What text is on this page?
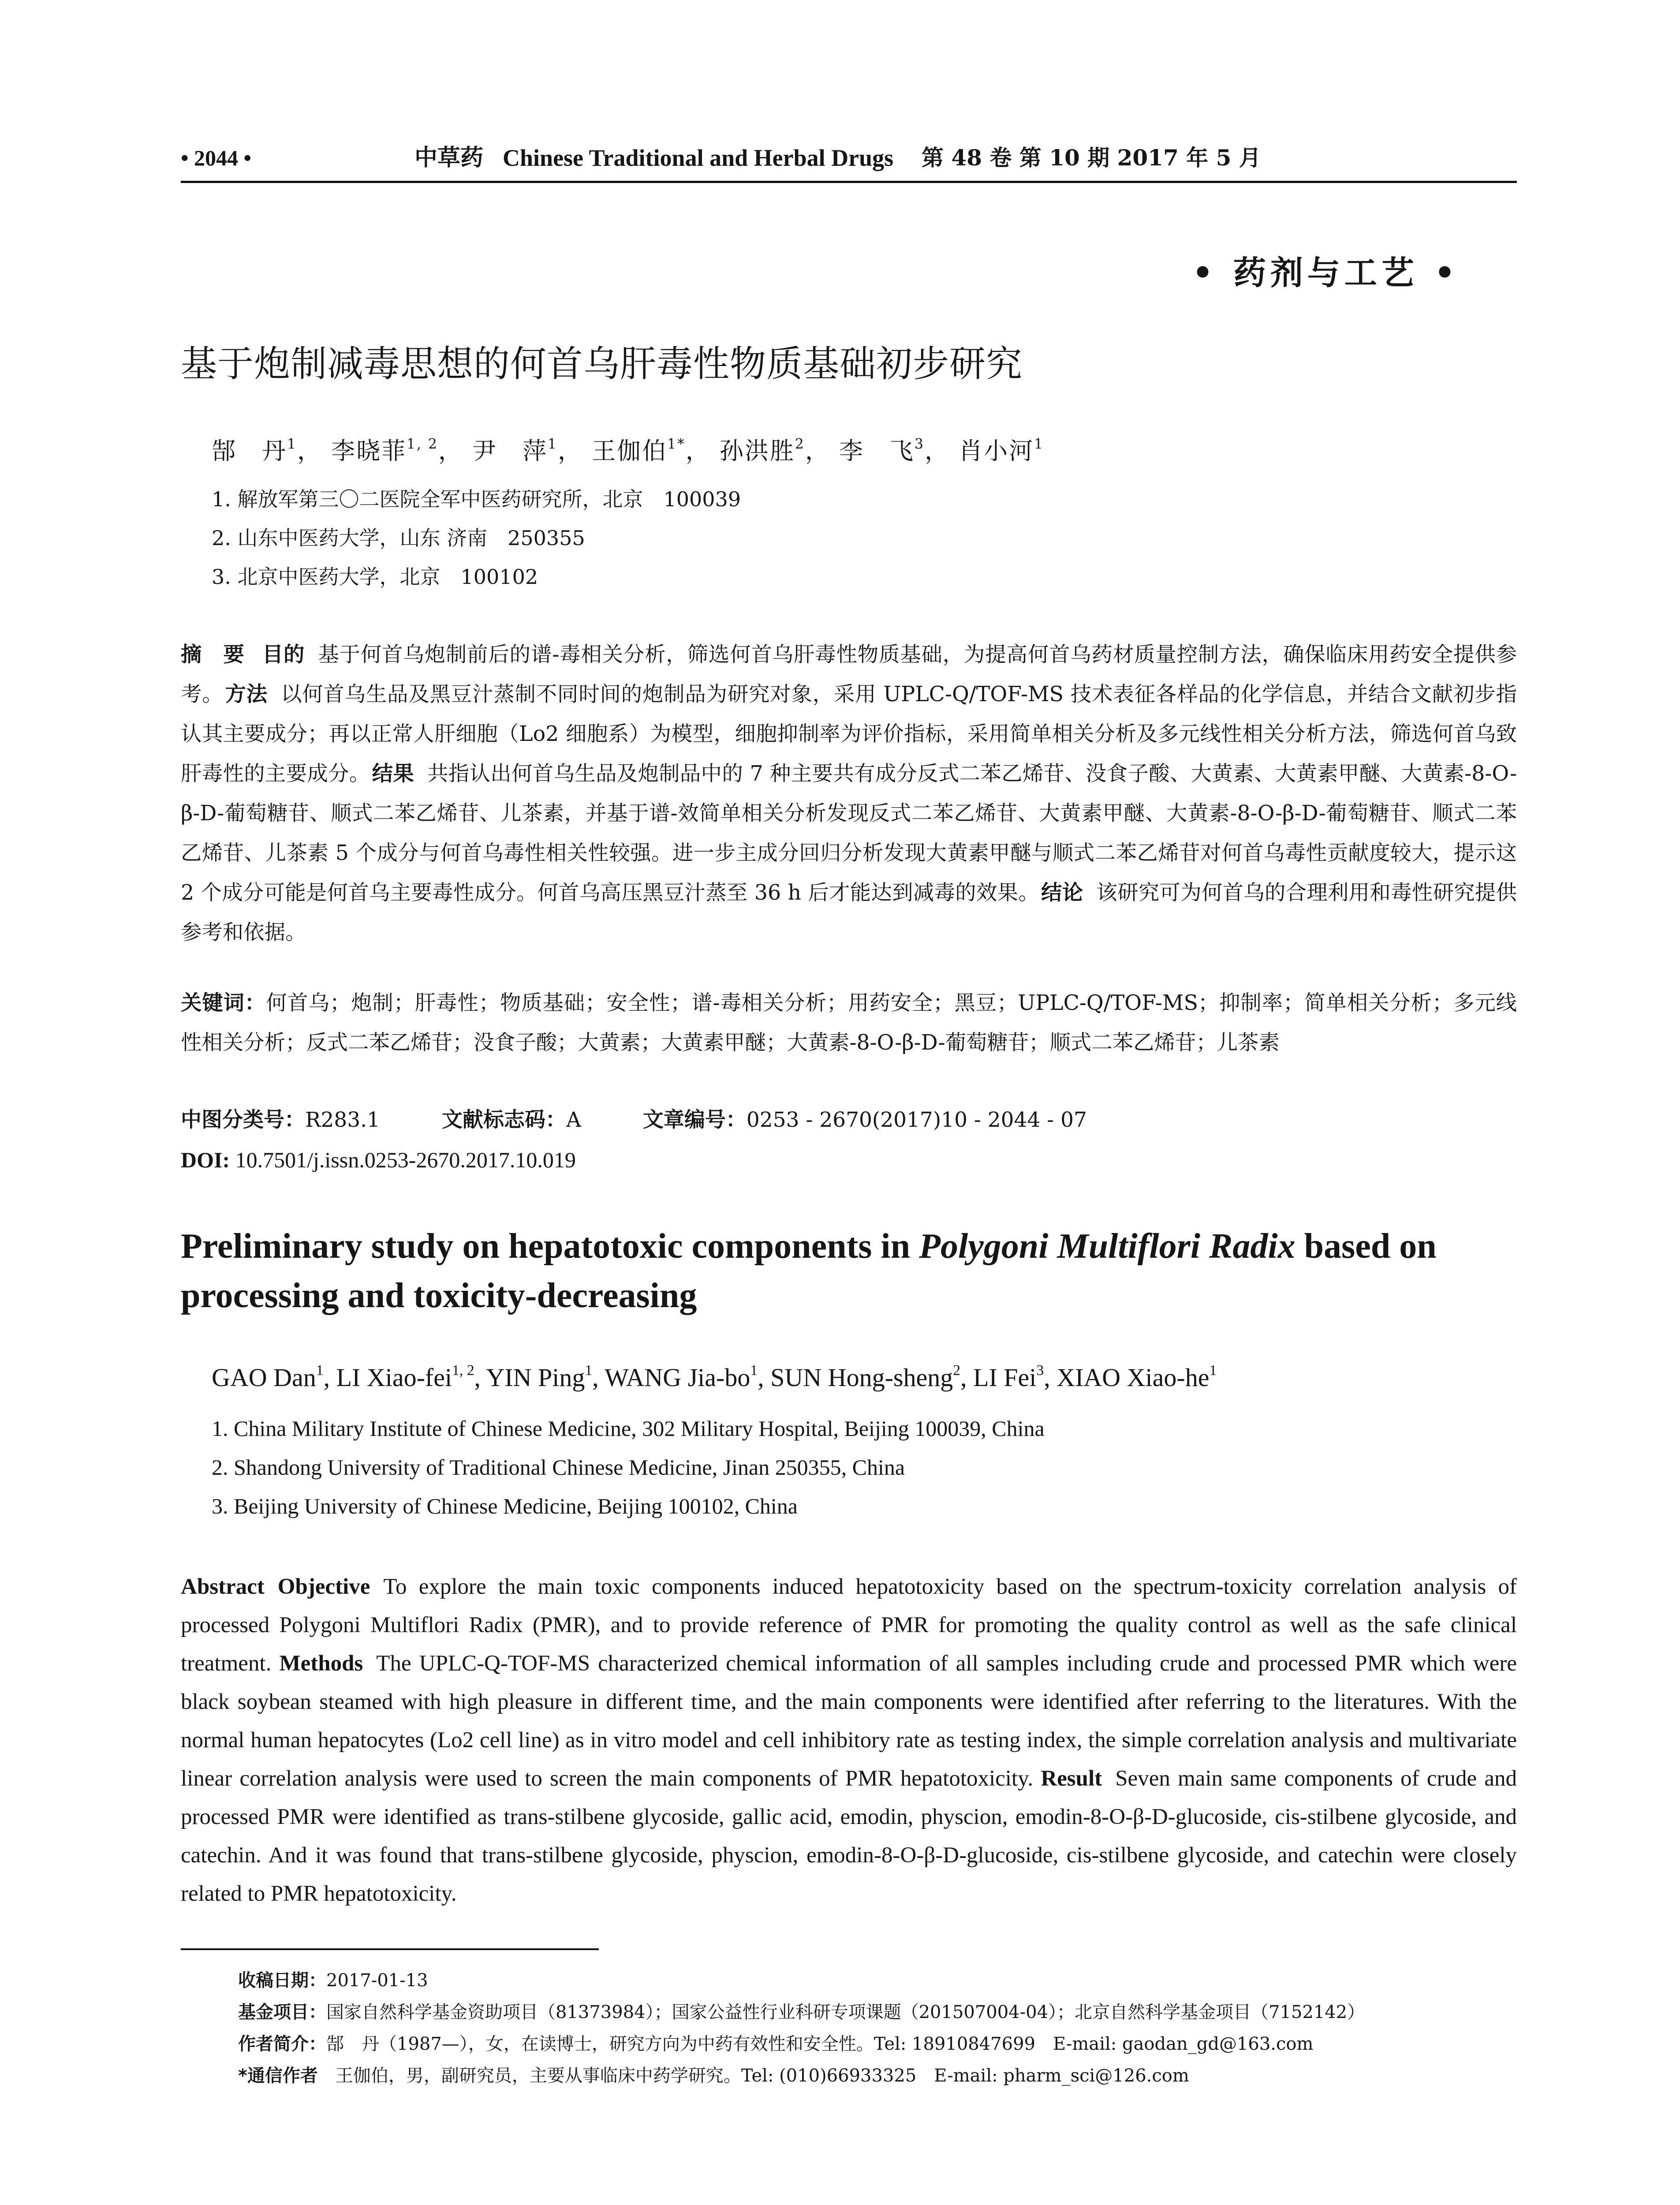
• 2044 •	中草药 Chinese Traditional and Herbal Drugs 第 48 卷 第 10 期 2017 年 5 月
• 药剂与工艺 •
基于炮制减毒思想的何首乌肝毒性物质基础初步研究
郜　丹$^1$， 李晓菲$^{1, 2}$， 尹　萍$^1$， 王伽伯$^{1*}$， 孙洪胜$^2$， 李　飞$^3$， 肖小河$^1$
1. 解放军第三〇二医院全军中医药研究所，北京　100039
2. 山东中医药大学，山东 济南　250355
3. 北京中医药大学，北京　100102
摘　要 目的 基于何首乌炮制前后的谱-毒相关分析，筛选何首乌肝毒性物质基础，为提高何首乌药材质量控制方法，确保临床用药安全提供参考。方法 以何首乌生品及黑豆汁蒸制不同时间的炮制品为研究对象，采用 UPLC-Q/TOF-MS 技术表征各样品的化学信息，并结合文献初步指认其主要成分；再以正常人肝细胞（Lo2 细胞系）为模型，细胞抑制率为评价指标，采用简单相关分析及多元线性相关分析方法，筛选何首乌致肝毒性的主要成分。结果 共指认出何首乌生品及炮制品中的 7 种主要共有成分反式二苯乙烯苷、没食子酸、大黄素、大黄素甲醚、大黄素-8-O-β-D-葡萄糖苷、顺式二苯乙烯苷、儿茶素，并基于谱-效简单相关分析发现反式二苯乙烯苷、大黄素甲醚、大黄素-8-O-β-D-葡萄糖苷、顺式二苯乙烯苷、儿茶素 5 个成分与何首乌毒性相关性较强。进一步主成分回归分析发现大黄素甲醚与顺式二苯乙烯苷对何首乌毒性贡献度较大，提示这 2 个成分可能是何首乌主要毒性成分。何首乌高压黑豆汁蒸至 36 h 后才能达到减毒的效果。结论 该研究可为何首乌的合理利用和毒性研究提供参考和依据。
关键词：何首乌；炮制；肝毒性；物质基础；安全性；谱-毒相关分析；用药安全；黑豆；UPLC-Q/TOF-MS；抑制率；简单相关分析；多元线性相关分析；反式二苯乙烯苷；没食子酸；大黄素；大黄素甲醚；大黄素-8-O-β-D-葡萄糖苷；顺式二苯乙烯苷；儿茶素
中图分类号：R283.1	文献标志码：A	文章编号：0253 - 2670(2017)10 - 2044 - 07
DOI: 10.7501/j.issn.0253-2670.2017.10.019
Preliminary study on hepatotoxic components in Polygoni Multiflori Radix based on processing and toxicity-decreasing
GAO Dan$^1$, LI Xiao-fei$^{1, 2}$, YIN Ping$^1$, WANG Jia-$bo^1$, SUN Hong-sheng$^2$, LI Fei$^3$, XIAO Xiao-$he^1$
1. China Military Institute of Chinese Medicine, 302 Military Hospital, Beijing 100039, China
2. Shandong University of Traditional Chinese Medicine, Jinan 250355, China
3. Beijing University of Chinese Medicine, Beijing 100102, China
Abstract Objective To explore the main toxic components induced hepatotoxicity based on the spectrum-toxicity correlation analysis of processed Polygoni Multiflori Radix (PMR), and to provide reference of PMR for promoting the quality control as well as the safe clinical treatment. Methods The UPLC-Q-TOF-MS characterized chemical information of all samples including crude and processed PMR which were black soybean steamed with high pleasure in different time, and the main components were identified after referring to the literatures. With the normal human hepatocytes (Lo2 cell line) as in vitro model and cell inhibitory rate as testing index, the simple correlation analysis and multivariate linear correlation analysis were used to screen the main components of PMR hepatotoxicity. Result Seven main same components of crude and processed PMR were identified as trans-stilbene glycoside, gallic acid, emodin, physcion, emodin-8-O-β-D-glucoside, cis-stilbene glycoside, and catechin. And it was found that trans-stilbene glycoside, physcion, emodin-8-O-β-D-glucoside, cis-stilbene glycoside, and catechin were closely related to PMR hepatotoxicity.
收稿日期：2017-01-13
基金项目：国家自然科学基金资助项目（81373984）；国家公益性行业科研专项课题（201507004-04）；北京自然科学基金项目（7152142）
作者简介：郜　丹（1987—），女，在读博士，研究方向为中药有效性和安全性。Tel: 18910847699　E-mail: gaodan_gd@163.com
*通信作者　王伽伯，男，副研究员，主要从事临床中药学研究。Tel: (010)66933325　E-mail: pharm_sci@126.com
